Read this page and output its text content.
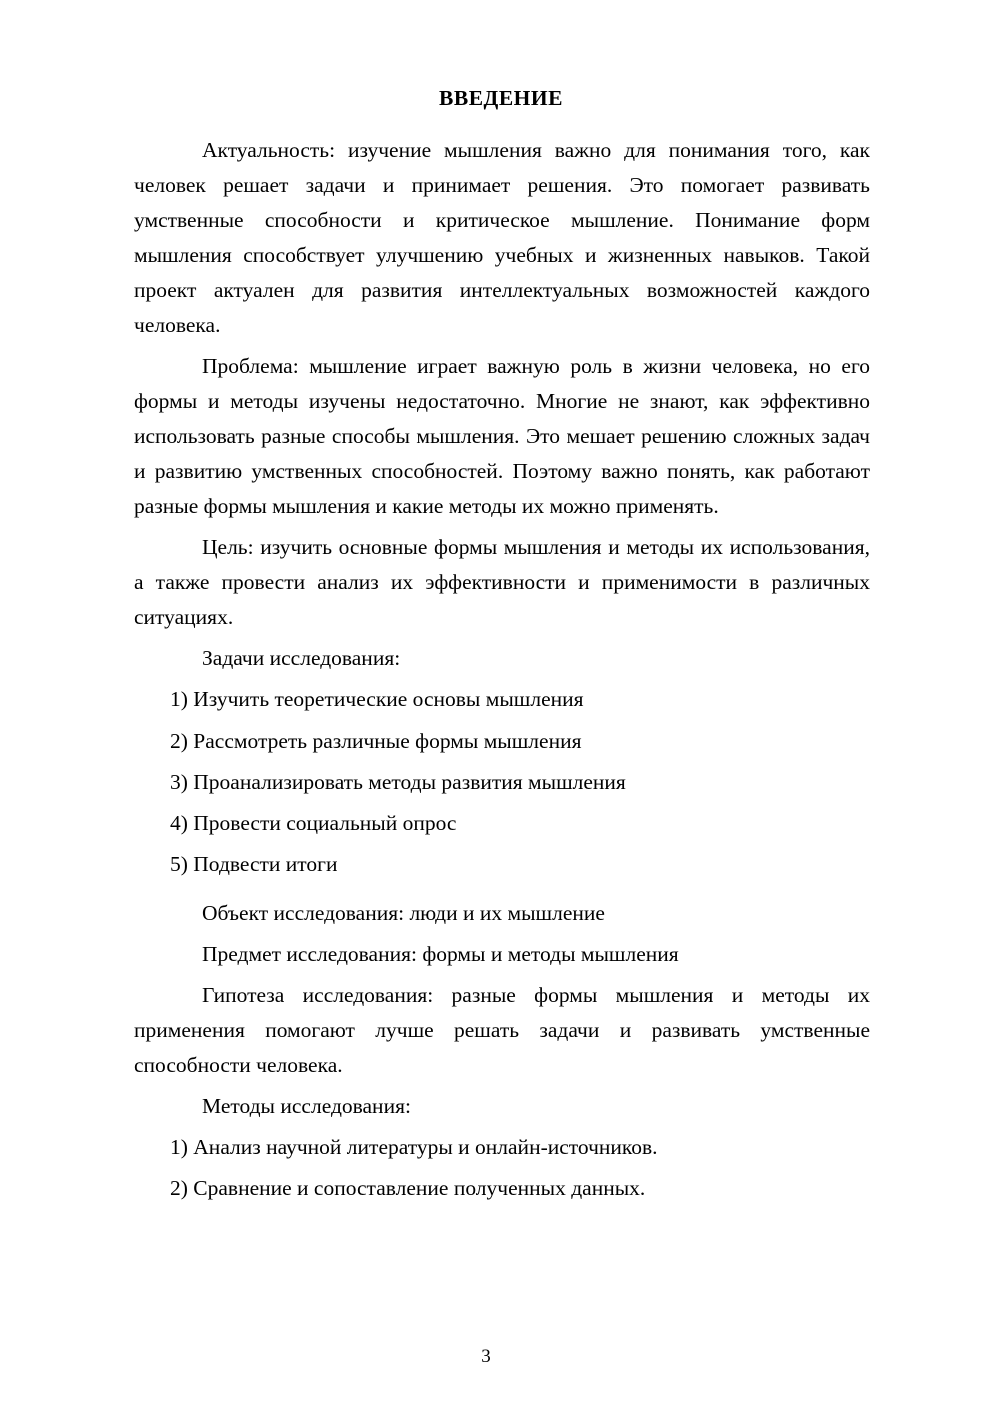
ВВЕДЕНИЕ

Актуальность: изучение мышления важно для понимания того, как человек решает задачи и принимает решения. Это помогает развивать умственные способности и критическое мышление. Понимание форм мышления способствует улучшению учебных и жизненных навыков. Такой проект актуален для развития интеллектуальных возможностей каждого человека.

Проблема: мышление играет важную роль в жизни человека, но его формы и методы изучены недостаточно. Многие не знают, как эффективно использовать разные способы мышления. Это мешает решению сложных задач и развитию умственных способностей. Поэтому важно понять, как работают разные формы мышления и какие методы их можно применять.

Цель: изучить основные формы мышления и методы их использования, а также провести анализ их эффективности и применимости в различных ситуациях.

Задачи исследования:

1) Изучить теоретические основы мышления

2) Рассмотреть различные формы мышления

3) Проанализировать методы развития мышления

4) Провести социальный опрос

5) Подвести итоги

Объект исследования: люди и их мышление

Предмет исследования: формы и методы мышления

Гипотеза исследования: разные формы мышления и методы их применения помогают лучше решать задачи и развивать умственные способности человека.

Методы исследования:

1) Анализ научной литературы и онлайн-источников.

2) Сравнение и сопоставление полученных данных.

3
